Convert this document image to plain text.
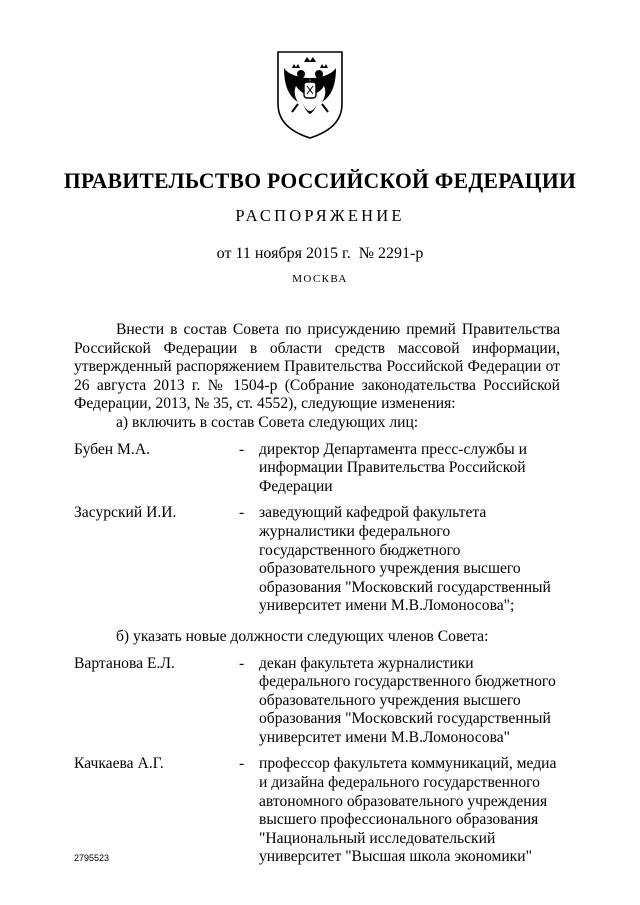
ПРАВИТЕЛЬСТВО РОССИЙСКОЙ ФЕДЕРАЦИИ
РАСПОРЯЖЕНИЕ
от 11 ноября 2015 г.  № 2291-р
МОСКВА

Внести в состав Совета по присуждению премий Правительства Российской Федерации в области средств массовой информации, утвержденный распоряжением Правительства Российской Федерации от 26 августа 2013 г. № 1504-р (Собрание законодательства Российской Федерации, 2013, № 35, ст. 4552), следующие изменения:

а) включить в состав Совета следующих лиц:

Бубен М.А.	- директор Департамента пресс-службы и информации Правительства Российской Федерации
Засурский И.И.	- заведующий кафедрой факультета журналистики федерального государственного бюджетного образовательного учреждения высшего образования "Московский государственный университет имени М.В.Ломоносова";

б) указать новые должности следующих членов Совета:

Вартанова Е.Л.	- декан факультета журналистики федерального государственного бюджетного образовательного учреждения высшего образования "Московский государственный университет имени М.В.Ломоносова"
Качкаева А.Г.	- профессор факультета коммуникаций, медиа и дизайна федерального государственного автономного образовательного учреждения высшего профессионального образования "Национальный исследовательский университет "Высшая школа экономики"
2795523
